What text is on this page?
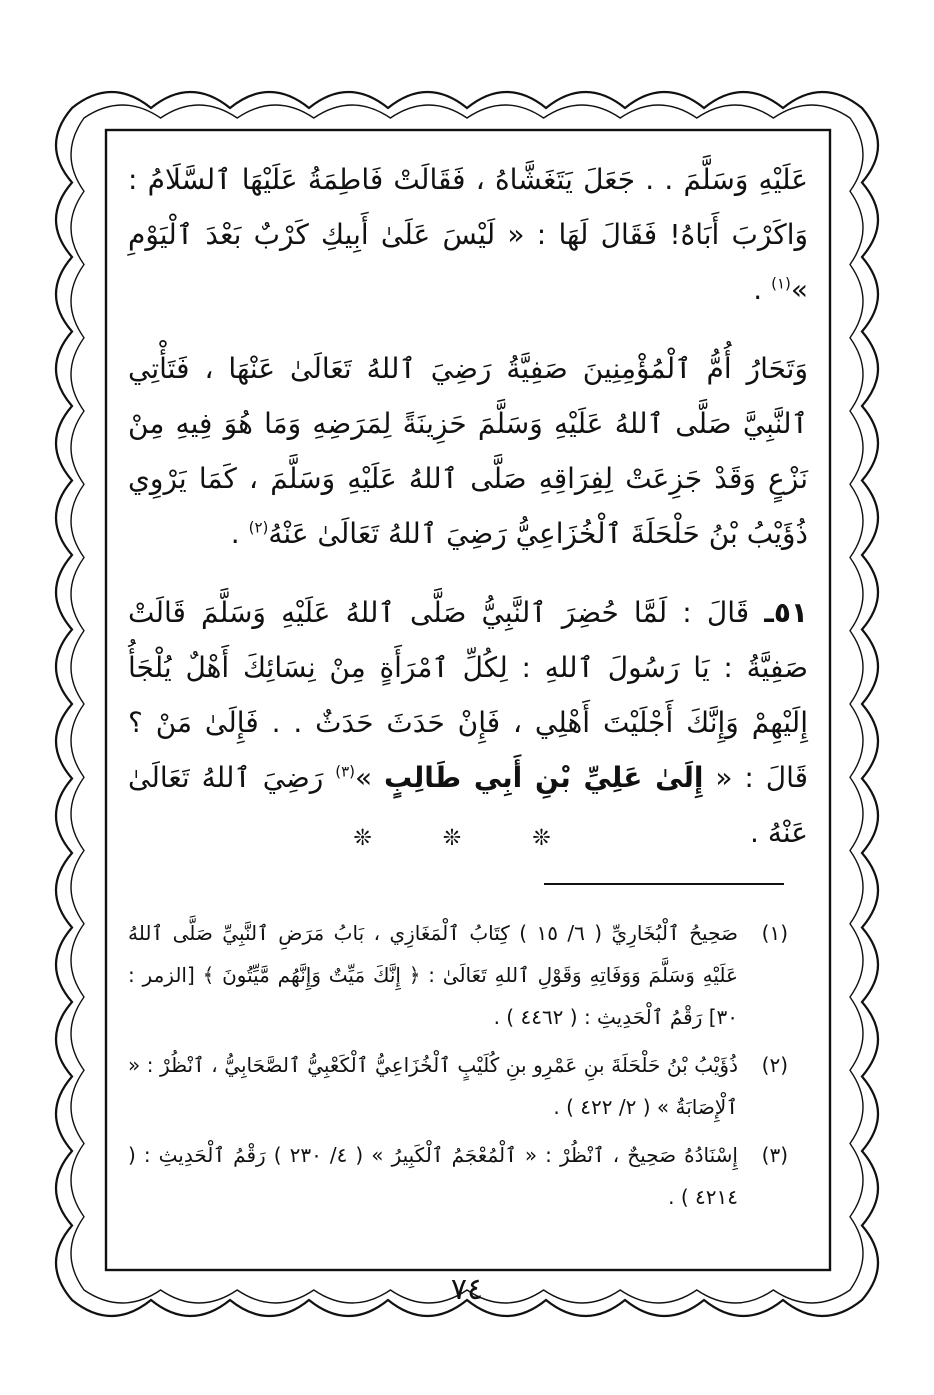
عَلَيْهِ وَسَلَّمَ . . جَعَلَ يَتَغَشَّاهُ ، فَقَالَتْ فَاطِمَةُ عَلَيْهَا ٱلسَّلَامُ : وَاكَرْبَ أَبَاهُ! فَقَالَ لَهَا : « لَيْسَ عَلَىٰ أَبِيكِ كَرْبٌ بَعْدَ ٱلْيَوْمِ »$^{(١)}$ .
وَتَحَارُ أُمُّ ٱلْمُؤْمِنِينَ صَفِيَّةُ رَضِيَ ٱللهُ تَعَالَىٰ عَنْهَا ، فَتَأْتِي ٱلنَّبِيَّ صَلَّى ٱللهُ عَلَيْهِ وَسَلَّمَ حَزِينَةً لِمَرَضِهِ وَمَا هُوَ فِيهِ مِنْ نَزْعٍ وَقَدْ جَزِعَتْ لِفِرَاقِهِ صَلَّى ٱللهُ عَلَيْهِ وَسَلَّمَ ، كَمَا يَرْوِي ذُؤَيْبُ بْنُ حَلْحَلَةَ ٱلْخُزَاعِيُّ رَضِيَ ٱللهُ تَعَالَىٰ عَنْهُ$^{(٢)}$ .
٥١ـ قَالَ : لَمَّا حُضِرَ ٱلنَّبِيُّ صَلَّى ٱللهُ عَلَيْهِ وَسَلَّمَ قَالَتْ صَفِيَّةُ : يَا رَسُولَ ٱللهِ : لِكُلِّ ٱمْرَأَةٍ مِنْ نِسَائِكَ أَهْلٌ يُلْجَأُ إِلَيْهِمْ وَإِنَّكَ أَجْلَيْتَ أَهْلِي ، فَإِنْ حَدَثَ حَدَثٌ . . فَإِلَىٰ مَنْ ؟ قَالَ : « إِلَىٰ عَلِيِّ بْنِ أَبِي طَالِبٍ »$^{(٣)}$ رَضِيَ ٱللهُ تَعَالَىٰ عَنْهُ .
❊ ❊ ❊
(١)
صَحِيحُ ٱلْبُخَارِيِّ ( ٦/ ١٥ ) كِتَابُ ٱلْمَغَازِي ، بَابُ مَرَضِ ٱلنَّبِيِّ صَلَّى ٱللهُ عَلَيْهِ وَسَلَّمَ وَوَفَاتِهِ وَقَوْلِ ٱللهِ تَعَالَىٰ : ﴿ إِنَّكَ مَيِّتٌ وَإِنَّهُم مَّيِّتُونَ ﴾ [الزمر : ٣٠] رَقْمُ ٱلْحَدِيثِ : ( ٤٤٦٢ ) .
(٢)
ذُؤَيْبُ بْنُ حَلْحَلَةَ بنِ عَمْرِو بنِ كُلَيْبٍ ٱلْخُزَاعِيُّ ٱلْكَعْبِيُّ ٱلصَّحَابِيُّ ، ٱنْظُرْ : « ٱلْإِصَابَةُ » ( ٢/ ٤٢٢ ) .
(٣)
إِسْنَادُهُ صَحِيحٌ ، ٱنْظُرْ : « ٱلْمُعْجَمُ ٱلْكَبِيرُ » ( ٤/ ٢٣٠ ) رَقْمُ ٱلْحَدِيثِ : ( ٤٢١٤ ) .
٧٤
